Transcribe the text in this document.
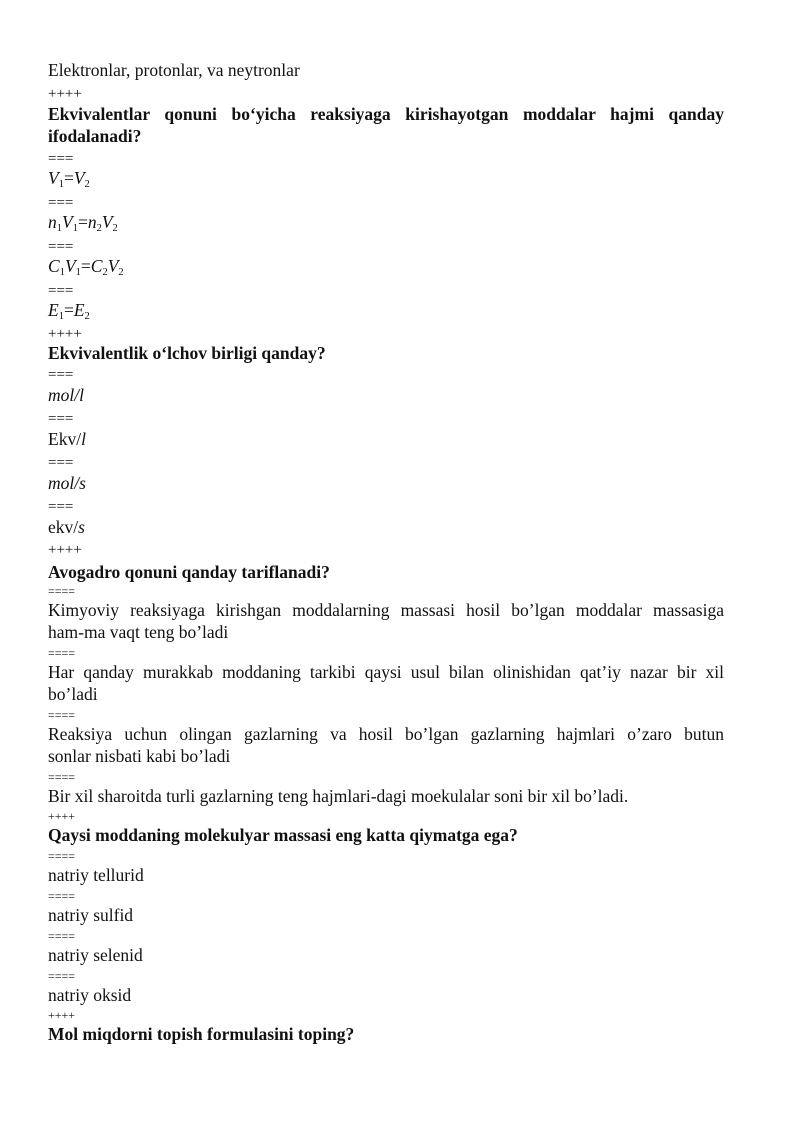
Elektronlar, protonlar, va neytronlar
++++
Ekvivalentlar qonuni bo‘yicha reaksiyaga kirishayotgan moddalar hajmi qanday
ifodalanadi?
===
$V_1=V_2$
===
$n_1V_1=n_2V_2$
===
$C_1V_1=C_2V_2$
===
$E_1=E_2$
++++
Ekvivalentlik o‘lchov birligi qanday?
===
mol/l
===
Ekv/l
===
mol/s
===
ekv/s
++++
Avogadro qonuni qanday tariflanadi?
====
Kimyoviy reaksiyaga kirishgan moddalarning massasi hosil bo’lgan moddalar massasiga
ham-ma vaqt teng bo’ladi
====
Har qanday murakkab moddaning tarkibi qaysi usul bilan olinishidan qat’iy nazar bir xil
bo’ladi
====
Reaksiya uchun olingan gazlarning va hosil bo’lgan gazlarning hajmlari o’zaro butun
sonlar nisbati kabi bo’ladi
====
Bir xil sharoitda turli gazlarning teng hajmlari-dagi moekulalar soni bir xil bo’ladi.
++++
Qaysi moddaning molekulyar massasi eng katta qiymatga ega?
====
natriy tellurid
====
natriy sulfid
====
natriy selenid
====
natriy oksid
++++
Mol miqdorni topish formulasini toping?
